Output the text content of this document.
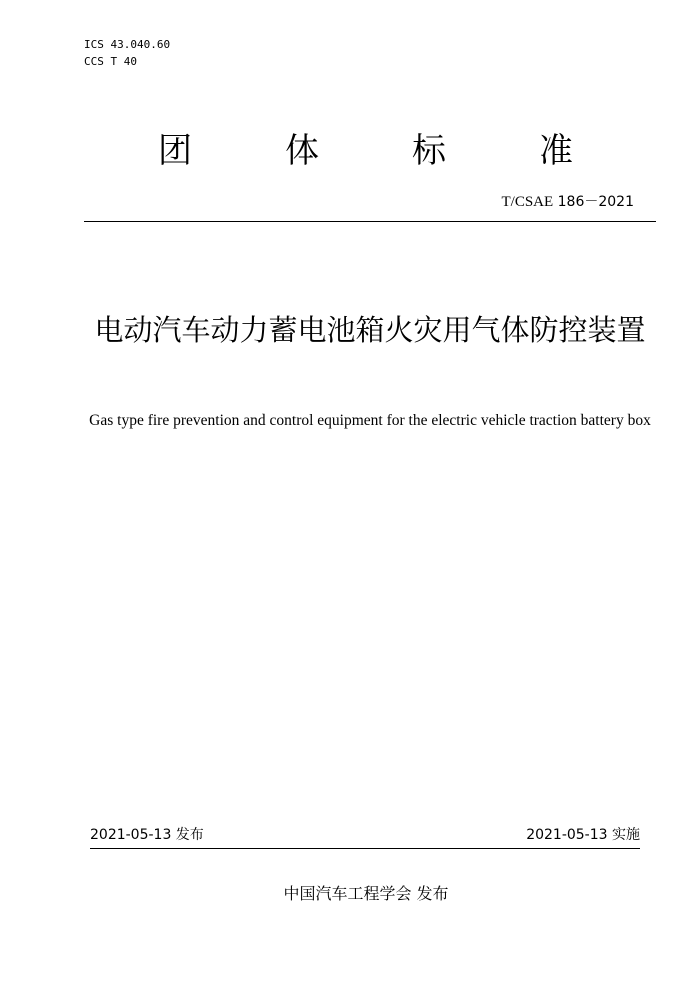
ICS 43.040.60
CCS T 40
团	体	标	准
T/CSAE 186－2021
电动汽车动力蓄电池箱火灾用气体防控装置
Gas type fire prevention and control equipment for the electric vehicle traction battery box
2021-05-13 发布	2021-05-13 实施
中国汽车工程学会 发布
